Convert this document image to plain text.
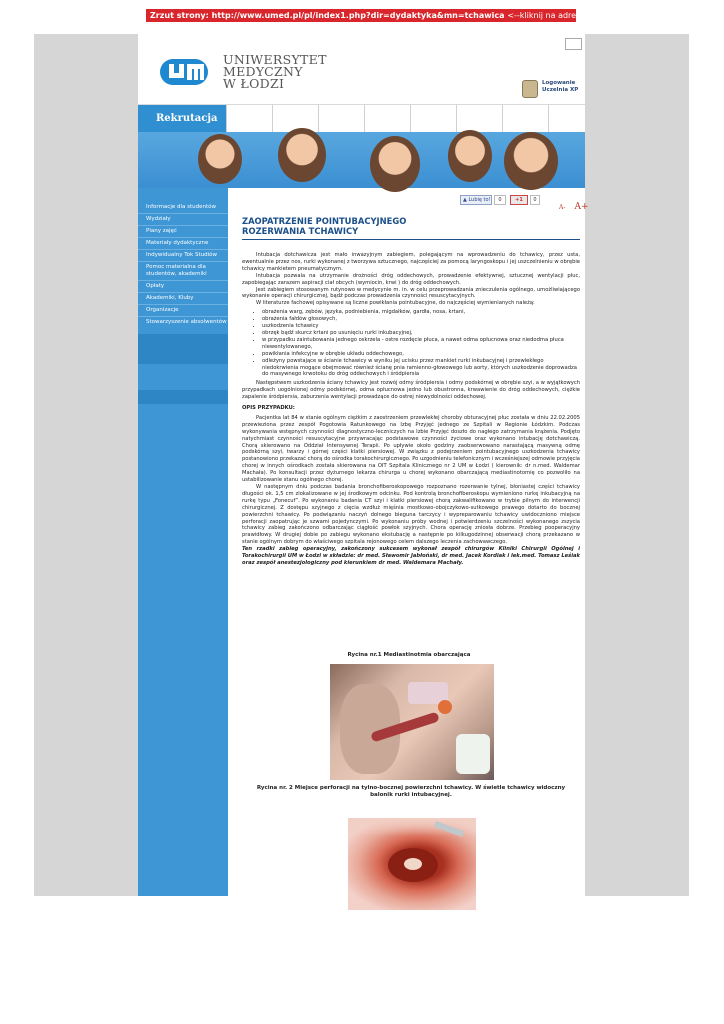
Zrzut strony: http://www.umed.pl/pl/index1.php?dir=dydaktyka&mn=tchawica <--kliknij na adresie
UNIWERSYTET
MEDYCZNY
W ŁODZI	Logowanie
Uczelnia XP
Rekrutacja
Informacje dla studentów
Wydziały
Plany zajęć
Materiały dydaktyczne
Indywidualny Tok Studiów
Pomoc materialna dla studentów, akademiki
Opłaty
Akademiki, Kluby
Organizacje
Stowarzyszenie absolwentów
▲ Lubię to!	0	+1	0
A- A+
ZAOPATRZENIE POINTUBACYJNEGO
ROZERWANIA TCHAWICY

Intubacja dotchawicza jest mało inwazyjnym zabiegiem, polegającym na wprowadzeniu do tchawicy, przez usta, ewentualnie przez nos, rurki wykonanej z tworzywa sztucznego, najczęściej za pomocą laryngoskopu i jej uszczelnieniu w obrębie tchawicy mankietem pneumatycznym.

Intubacja pozwala na utrzymanie drożności dróg oddechowych, prowadzenie efektywnej, sztucznej wentylacji płuc, zapobiegając zarazem aspiracji ciał obcych (wymiocin, krwi ) do dróg oddechowych.

Jest zabiegiem stosowanym rutynowo w medycynie m. in. w celu przeprowadzania znieczulenia ogólnego, umożliwiającego wykonanie operacji chirurgicznej, bądź podczas prowadzenia czynności resuscytacyjnych.

W literaturze fachowej opisywane są liczne powikłania pointubacyjne, do najczęściej wymienianych należą:

• obrażenia warg, zębów, języka, podniebienia, migdałków, gardła, nosa, krtani,
• obrażenia fałdów głosowych,
• uszkodzenia tchawicy
• obrzęk bądź skurcz krtani po usunięciu rurki inkubacyjnej,
• w przypadku zaintubowania jednego oskrzela - ostre rozdęcie płuca, a nawet odma opłucnowa oraz niedodma płuca niewentylowanego,
• powikłania infekcyjne w obrębie układu oddechowego,
• odleżyny powstające w ścianie tchawicy w wyniku jej ucisku przez mankiet rurki inkubacyjnej i przewlekłego niedokrwienia mogące obejmować również ścianę pnia ramienno-głowowego lub aorty, których uszkodzenie doprowadza do masywnego krwotoku do dróg oddechowych i śródpiersia

Następstwem uszkodzenia ściany tchawicy jest rozwój odmy śródpiersia i odmy podskórnej w obrębie szyi, a w wyjątkowych przypadkach uogólnionej odmy podskórnej, odma opłucnowa jedno lub obustronna, krwawienie do dróg oddechowych, ciężkie zapalenie śródpiersia, zaburzenia wentylacji prowadzące do ostrej niewydolności oddechowej.

OPIS PRZYPADKU:

Pacjentka lat 84 w stanie ogólnym ciężkim z zaostrzeniem przewlekłej choroby obturacyjnej płuc została w dniu 22.02.2005 przewieziona przez zespół Pogotowia Ratunkowego na Izbę Przyjęć jednego ze Szpitali w Regionie Łódzkim. Podczas wykonywania wstępnych czynności diagnostyczno-leczniczych na Izbie Przyjęć doszło do nagłego zatrzymania krążenia. Podjęto natychmiast czynności resuscytacyjne przywracając podstawowe czynności życiowe oraz wykonano intubację dotchawiczą. Chorą skierowano na Oddział Intensywnej Terapii. Po upływie około godziny zaobserwowano narastającą masywną odmę podskórną szyi, twarzy i górnej części klatki piersiowej. W związku z podejrzeniem pointubacyjnego uszkodzenia tchawicy postanowiono przekazać chorą do ośrodka torakochirurgicznego. Po uzgodnieniu telefonicznym i wcześniejszej odmowie przyjęcia chorej w innych ośrodkach została skierowana na OIT Szpitala Klinicznego nr 2 UM w Łodzi ( kierownik: dr n.med. Waldemar Machała). Po konsultacji przez dyżurnego lekarza chirurga u chorej wykonano obarczającą mediastinotomię co pozwoliło na ustabilizowanie stanu ogólnego chorej.

W następnym dniu podczas badania bronchofiberoskopowego rozpoznano rozerwanie tylnej, błoniastej części tchawicy długości ok. 1,5 cm zlokalizowane w jej środkowym odcinku. Pod kontrolą bronchofiberoskopu wymieniono rurkę inkubacyjną na rurkę typu „Fonecuf”. Po wykonaniu badania CT szyi i klatki piersiowej chorą zakwalifikowano w trybie pilnym do interwencji chirurgicznej. Z dostępu szyjnego z cięcia wzdłuż mięśnia mostkowo-obojczykowo-sutkowego prawego dotarto do bocznej powierzchni tchawicy. Po podwiązaniu naczyń dolnego bieguna tarczycy i wypreparowaniu tchawicy uwidoczniono miejsce perforacji zaopatrując je szwami pojedynczymi. Po wykonaniu próby wodnej i potwierdzeniu szczelności wykonanego zszycia tchawicy zabieg zakończono odbarczając ciągłość powłok szyjnych. Chora operację zniosła dobrze. Przebieg pooperacyjny prawidłowy. W drugiej dobie po zabiegu wykonano ekstubację a następnie po kilkugodzinnej obserwacji chorą przekazano w stanie ogólnym dobrym do właściwego szpitala rejonowego celem dalszego leczenia zachowawczego.

Ten rzadki zabieg operacyjny, zakończony sukcesem wykonał zespół chirurgów Kliniki Chirurgii Ogólnej i Torakochirurgii UM w Łodzi w składzie: dr med. Sławomir Jabłoński, dr med. Jacek Kordiak i lek.med. Tomasz Leśiak oraz zespół anestezjologiczny pod kierunkiem dr med. Waldemara Machały.

Rycina nr.1 Mediastinotmia obarczająca
Rycina nr. 2 Miejsce perforacji na tylno-bocznej powierzchni tchawicy. W świetle tchawicy widoczny balonik rurki intubacyjnej.
